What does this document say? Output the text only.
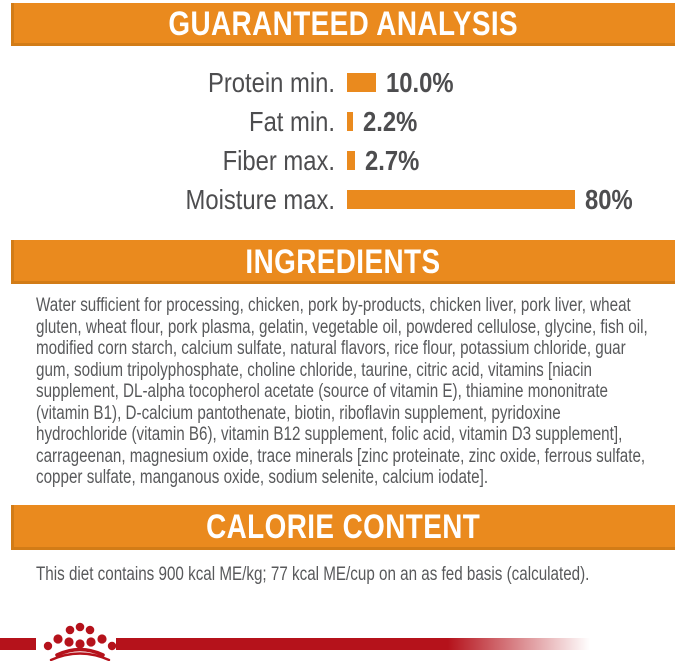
GUARANTEED ANALYSIS
Protein min. 10.0%
Fat min. 2.2%
Fiber max. 2.7%
Moisture max.	80%
INGREDIENTS
Water sufficient for processing, chicken, pork by-products, chicken liver, pork liver, wheat gluten, wheat flour, pork plasma, gelatin, vegetable oil, powdered cellulose, glycine, fish oil, modified corn starch, calcium sulfate, natural flavors, rice flour, potassium chloride, guar gum, sodium tripolyphosphate, choline chloride, taurine, citric acid, vitamins [niacin supplement, DL-alpha tocopherol acetate (source of vitamin E), thiamine mononitrate (vitamin B1), D-calcium pantothenate, biotin, riboflavin supplement, pyridoxine hydrochloride (vitamin B6), vitamin B12 supplement, folic acid, vitamin D3 supplement], carrageenan, magnesium oxide, trace minerals [zinc proteinate, zinc oxide, ferrous sulfate, copper sulfate, manganous oxide, sodium selenite, calcium iodate].
CALORIE CONTENT
This diet contains 900 kcal ME/kg; 77 kcal ME/cup on an as fed basis (calculated).
